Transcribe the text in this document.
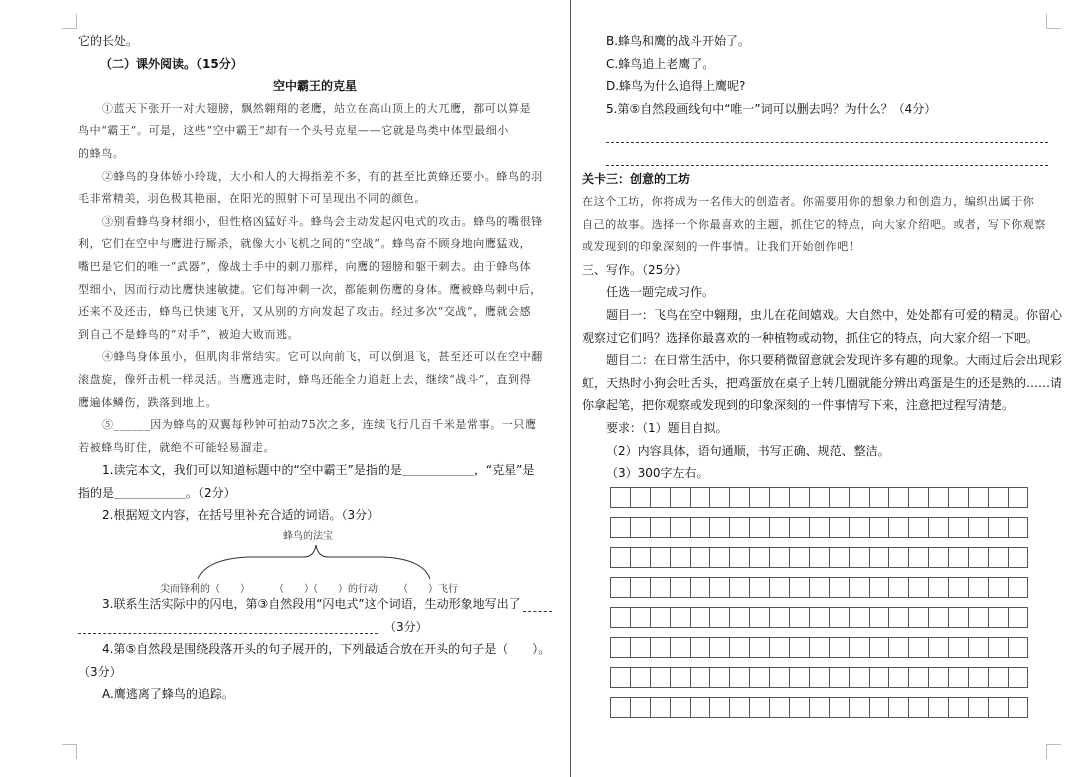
它的长处。
（二）课外阅读。（15分）
空中霸王的克星
①蓝天下张开一对大翅膀，飘然翱翔的老鹰，站立在高山顶上的大兀鹰，都可以算是
鸟中“霸王”。可是，这些“空中霸王”却有一个头号克星——它就是鸟类中体型最细小
的蜂鸟。
②蜂鸟的身体娇小玲珑，大小和人的大拇指差不多，有的甚至比黄蜂还要小。蜂鸟的羽
毛非常精美，羽色极其艳丽，在阳光的照射下可呈现出不同的颜色。
③别看蜂鸟身材细小，但性格凶猛好斗。蜂鸟会主动发起闪电式的攻击。蜂鸟的嘴很锋
利，它们在空中与鹰进行厮杀，就像大小飞机之间的“空战”。蜂鸟奋不顾身地向鹰猛戏，
嘴巴是它们的唯一“武器”，像战士手中的刺刀那样，向鹰的翅膀和躯干刺去。由于蜂鸟体
型细小，因而行动比鹰快速敏捷。它们每冲刺一次，都能刺伤鹰的身体。鹰被蜂鸟刺中后，
还来不及还击，蜂鸟已快速飞开，又从别的方向发起了攻击。经过多次“交战”，鹰就会感
到自己不是蜂鸟的“对手”，被迫大败而逃。
④蜂鸟身体虽小，但肌肉非常结实。它可以向前飞，可以倒退飞，甚至还可以在空中翻
滚盘旋，像歼击机一样灵活。当鹰逃走时，蜂鸟还能全力追赶上去，继续“战斗”，直到得
鹰遍体鳞伤，跌落到地上。
⑤______因为蜂鸟的双翼每秒钟可拍动75次之多，连续飞行几百千米是常事。一只鹰
若被蜂鸟盯住，就绝不可能轻易溜走。
1.读完本文，我们可以知道标题中的“空中霸王”是指的是＿＿＿＿＿＿，“克星”是
指的是＿＿＿＿＿＿。（2分）
2.根据短文内容，在括号里补充合适的词语。（3分）
蜂鸟的法宝
尖而锋利的（　　） （　　）
（　　）的行动 （　　）飞行
3.联系生活实际中的闪电，第③自然段用“闪电式”这个词语，生动形象地写出了
（3分）
4.第⑤自然段是围绕段落开头的句子展开的，下列最适合放在开头的句子是（　　）。
（3分）
A.鹰逃离了蜂鸟的追踪。
B.蜂鸟和鹰的战斗开始了。
C.蜂鸟追上老鹰了。
D.蜂鸟为什么追得上鹰呢?
5.第⑤自然段画线句中“唯一”词可以删去吗？为什么？（4分）
关卡三：创意的工坊
在这个工坊，你将成为一名伟大的创造者。你需要用你的想象力和创造力，编织出属于你
自己的故事。选择一个你最喜欢的主题，抓住它的特点，向大家介绍吧。或者，写下你观察
或发现到的印象深刻的一件事情。让我们开始创作吧！
三、写作。（25分）
任选一题完成习作。
题目一：飞鸟在空中翱翔，虫儿在花间嬉戏。大自然中，处处都有可爱的精灵。你留心
观察过它们吗？选择你最喜欢的一种植物或动物，抓住它的特点，向大家介绍一下吧。
题目二：在日常生活中，你只要稍微留意就会发现许多有趣的现象。大雨过后会出现彩
虹，天热时小狗会吐舌头，把鸡蛋放在桌子上转几圈就能分辨出鸡蛋是生的还是熟的……请
你拿起笔，把你观察或发现到的印象深刻的一件事情写下来，注意把过程写清楚。
要求：（1）题目自拟。
（2）内容具体，语句通顺，书写正确、规范、整洁。
（3）300字左右。
